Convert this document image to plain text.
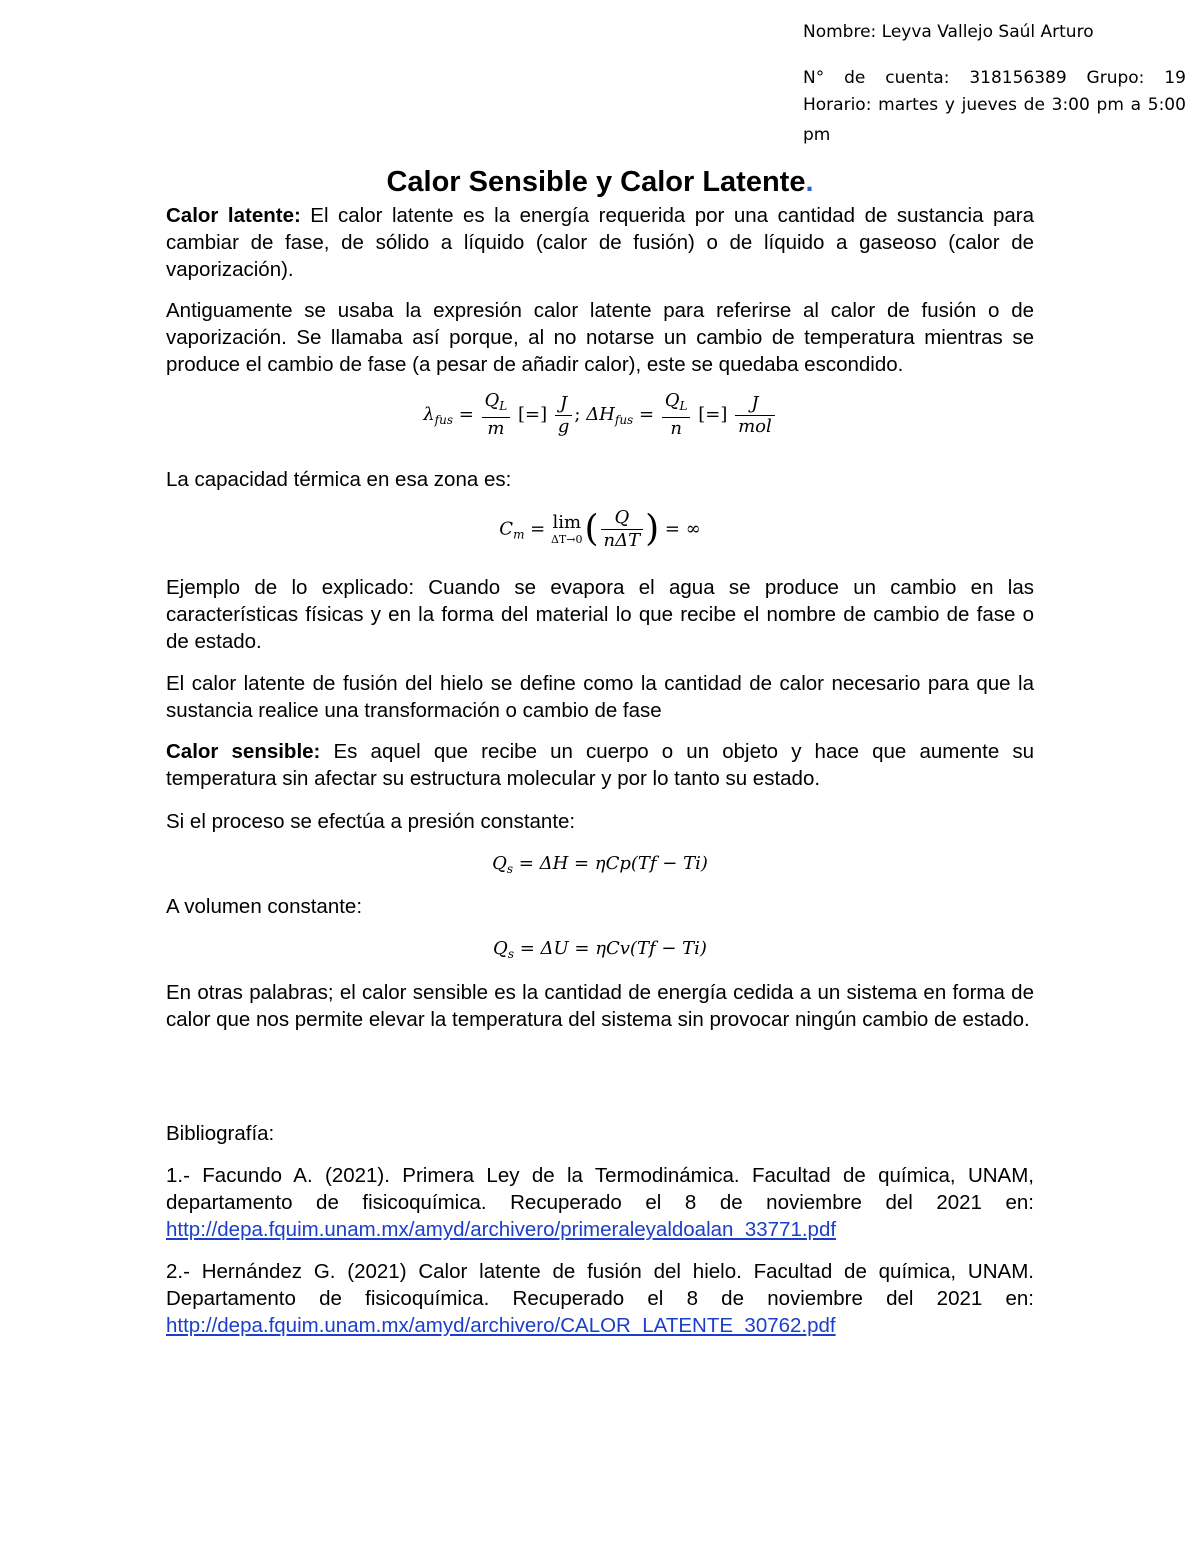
Nombre: Leyva Vallejo Saúl Arturo
N° de cuenta: 318156389 Grupo: 19
Horario: martes y jueves de 3:00 pm a 5:00
pm
Calor Sensible y Calor Latente.
Calor latente: El calor latente es la energía requerida por una cantidad de sustancia para cambiar de fase, de sólido a líquido (calor de fusión) o de líquido a gaseoso (calor de vaporización).
Antiguamente se usaba la expresión calor latente para referirse al calor de fusión o de vaporización. Se llamaba así porque, al no notarse un cambio de temperatura mientras se produce el cambio de fase (a pesar de añadir calor), este se quedaba escondido.
$\lambda_{fus} = \frac{Q_L}{m}$ [=] $\frac{J}{g}$ ; $\Delta H_{fus} = \frac{Q_L}{n}$ [=] $\frac{J}{\text{mol}}$
La capacidad térmica en esa zona es:
$C_m = \lim$
ΔT→0 ( $\frac{Q}{\text{nΔT}}$ ) = ∞
Ejemplo de lo explicado: Cuando se evapora el agua se produce un cambio en las características físicas y en la forma del material lo que recibe el nombre de cambio de fase o de estado.
El calor latente de fusión del hielo se define como la cantidad de calor necesario para que la sustancia realice una transformación o cambio de fase
Calor sensible: Es aquel que recibe un cuerpo o un objeto y hace que aumente su temperatura sin afectar su estructura molecular y por lo tanto su estado.
Si el proceso se efectúa a presión constante:
$Q_s = \Delta H = \eta Cp(Tf - Ti)$
A volumen constante:
$Q_s = \Delta U = \eta Cv(Tf - Ti)$
En otras palabras; el calor sensible es la cantidad de energía cedida a un sistema en forma de calor que nos permite elevar la temperatura del sistema sin provocar ningún cambio de estado.
Bibliografía:
1.- Facundo A. (2021). Primera Ley de la Termodinámica. Facultad de química, UNAM, departamento de fisicoquímica. Recuperado el 8 de noviembre del 2021 en: http://depa.fquim.unam.mx/amyd/archivero/primeraleyaldoalan_33771.pdf
2.- Hernández G. (2021) Calor latente de fusión del hielo. Facultad de química, UNAM. Departamento de fisicoquímica. Recuperado el 8 de noviembre del 2021 en: http://depa.fquim.unam.mx/amyd/archivero/CALOR_LATENTE_30762.pdf
